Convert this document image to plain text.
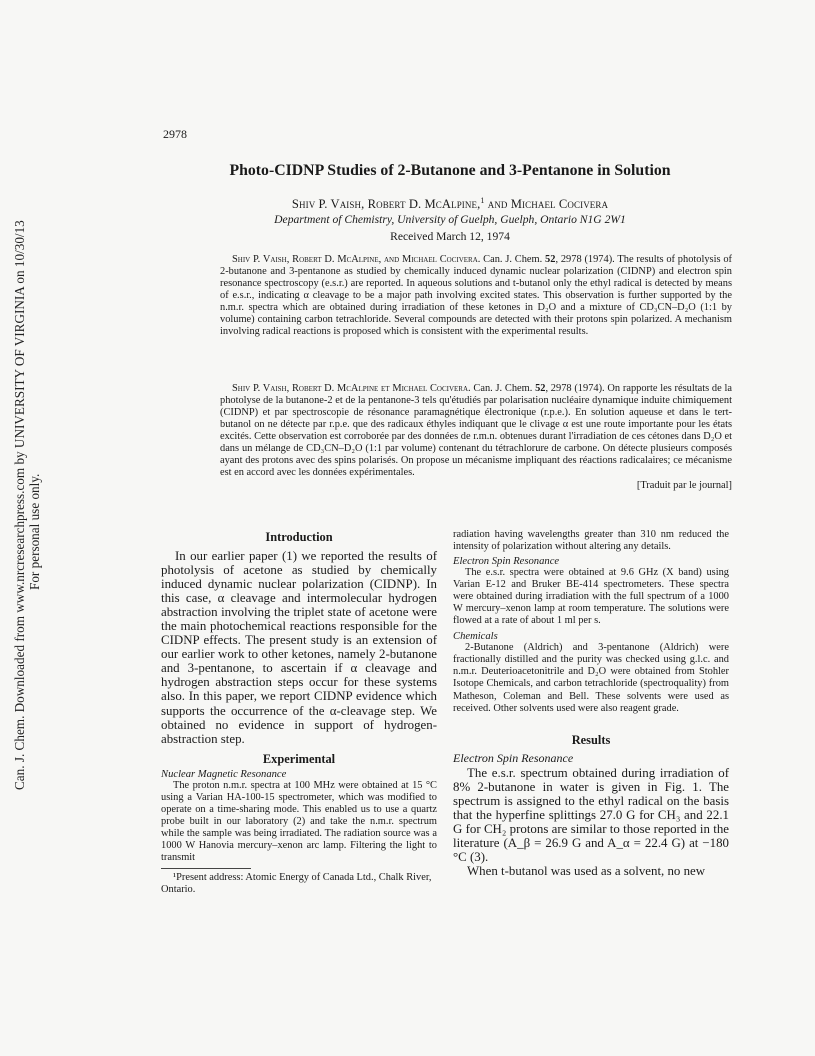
Can. J. Chem. Downloaded from www.nrcresearchpress.com by UNIVERSITY OF VIRGINIA on 10/30/13 For personal use only.
2978
Photo-CIDNP Studies of 2-Butanone and 3-Pentanone in Solution
Shiv P. Vaish, Robert D. McAlpine,$^1$ and Michael Cocivera
Department of Chemistry, University of Guelph, Guelph, Ontario N1G 2W1
Received March 12, 1974

Shiv P. Vaish, Robert D. McAlpine, and Michael Cocivera. Can. J. Chem. 52, 2978 (1974). The results of photolysis of 2-butanone and 3-pentanone as studied by chemically induced dynamic nuclear polarization (CIDNP) and electron spin resonance spectroscopy (e.s.r.) are reported. In aqueous solutions and t-butanol only the ethyl radical is detected by means of e.s.r., indicating α cleavage to be a major path involving excited states. This observation is further supported by the n.m.r. spectra which are obtained during irradiation of these ketones in D₂O and a mixture of CD₃CN–D₂O (1:1 by volume) containing carbon tetrachloride. Several compounds are detected with their protons spin polarized. A mechanism involving radical reactions is proposed which is consistent with the experimental results.

Shiv P. Vaish, Robert D. McAlpine et Michael Cocivera. Can. J. Chem. 52, 2978 (1974). On rapporte les résultats de la photolyse de la butanone-2 et de la pentanone-3 tels qu'étudiés par polarisation nucléaire dynamique induite chimiquement (CIDNP) et par spectroscopie de résonance paramagnétique électronique (r.p.e.). En solution aqueuse et dans le tert-butanol on ne détecte par r.p.e. que des radicaux éthyles indiquant que le clivage α est une route importante pour les états excités. Cette observation est corroborée par des données de r.m.n. obtenues durant l'irradiation de ces cétones dans D₂O et dans un mélange de CD₃CN–D₂O (1:1 par volume) contenant du tétrachlorure de carbone. On détecte plusieurs composés ayant des protons avec des spins polarisés. On propose un mécanisme impliquant des réactions radicalaires; ce mécanisme est en accord avec les données expérimentales.

[Traduit par le journal]
Introduction

In our earlier paper (1) we reported the results of photolysis of acetone as studied by chemically induced dynamic nuclear polarization (CIDNP). In this case, α cleavage and intermolecular hydrogen abstraction involving the triplet state of acetone were the main photochemical reactions responsible for the CIDNP effects. The present study is an extension of our earlier work to other ketones, namely 2-butanone and 3-pentanone, to ascertain if α cleavage and hydrogen abstraction steps occur for these systems also. In this paper, we report CIDNP evidence which supports the occurrence of the α-cleavage step. We obtained no evidence in support of hydrogen-abstraction step.

Experimental

Nuclear Magnetic Resonance

The proton n.m.r. spectra at 100 MHz were obtained at 15 °C using a Varian HA-100-15 spectrometer, which was modified to operate on a time-sharing mode. This enabled us to use a quartz probe built in our laboratory (2) and take the n.m.r. spectrum while the sample was being irradiated. The radiation source was a 1000 W Hanovia mercury–xenon arc lamp. Filtering the light to transmit

¹Present address: Atomic Energy of Canada Ltd., Chalk River, Ontario.

radiation having wavelengths greater than 310 nm reduced the intensity of polarization without altering any details.

Electron Spin Resonance

The e.s.r. spectra were obtained at 9.6 GHz (X band) using Varian E-12 and Bruker BE-414 spectrometers. These spectra were obtained during irradiation with the full spectrum of a 1000 W mercury–xenon lamp at room temperature. The solutions were flowed at a rate of about 1 ml per s.

Chemicals

2-Butanone (Aldrich) and 3-pentanone (Aldrich) were fractionally distilled and the purity was checked using g.l.c. and n.m.r. Deuterioacetonitrile and D₂O were obtained from Stohler Isotope Chemicals, and carbon tetrachloride (spectroquality) from Matheson, Coleman and Bell. These solvents were used as received. Other solvents used were also reagent grade.

Results

Electron Spin Resonance

The e.s.r. spectrum obtained during irradiation of 8% 2-butanone in water is given in Fig. 1. The spectrum is assigned to the ethyl radical on the basis that the hyperfine splittings 27.0 G for CH₃ and 22.1 G for CH₂ protons are similar to those reported in the literature (A_β = 26.9 G and A_α = 22.4 G) at −180 °C (3).

When t-butanol was used as a solvent, no new
